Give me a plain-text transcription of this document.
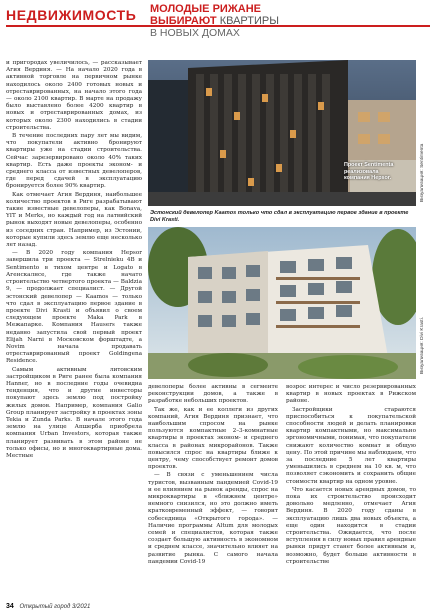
НЕДВИЖИМОСТЬ МОЛОДЫЕ РИЖАНЕ
ВЫБИРАЮТ КВАРТИРЫ
В НОВЫХ ДОМАХ

и пригородах увеличилось, — рассказывает Агия Вердиня. — На начало 2020 года в активной торговле на первичном рынке находилось около 2400 готовых новых и отреставрированных, на начало этого года — около 2100 квартир. В марте на продажу было выставлено более 4200 квартир в новых и отреставрированных домах, из которых около 2300 находились в стадии строительства.

В течение последних пару лет мы видим, что покупатели активно бронируют квартиры уже на стадии строительства. Сейчас зарезервировано около 40% таких квартир. Есть даже проекты эконом- и среднего класса от известных девелоперов, где перед сдачей в эксплуатацию бронируется более 90% квартир.

Как отмечает Агия Вердиня, наибольшее количество проектов в Риге разрабатывают такие известные девелоперы, как Bonava, YIT и Merks, но каждый год на латвийский рынок выходят новые девелоперы, особенно из соседних стран. Например, из Эстонии, которые купили здесь землю еще несколько лет назад.

— В 2020 году компания Hepsor завершила три проекта — Strelnieku 4B и Sentimento в тихом центре и Logato в Агенскалнсе, где также начато строительство четвертого проекта — Baldzia 9, — продолжает специалист. — Другой эстонский девелопер — Kaamos — только что сдал в эксплуатацию первое здание в проекте Divi Krasti и объявил о своем следующем проекте Maka Park в Межапарке. Компания Hausers также недавно запустила свой первый проект Elijah Narni в Московском форштадте, а Novim начала продавать отреставрированный проект Goldingena Residence.

Самым активным литовским застройщиком в Риге ранее была компания Hanner, но в последние годы очевидна тенденция, что и другие инвесторы покупают здесь землю под постройку жилых домов. Например, компания Galio Group планирует застройку в проектах зоны Tekia и Zunda Parks. В начале этого года землю на улице Апшерба приобрела компания Urban Investors, которая также планирует развивать в этом районе не только офисы, но и многоквартирные дома. Местные

Проект Sentimenta реализовала компания Hepsor.	Визуализация: Sentimenta
Эстонский девелопер Kaamos только что сдал в эксплуатацию первое здание в проекте Divi Krasti.
Визуализация: Divi Krasti.

девелоперы более активны в сегменте реконструкции домов, а также в разработке небольших проектов.

Так же, как и ее коллеги из других компаний, Агия Вердиня признает, что наибольшим спросом на рынке пользуются компактные 2–3-комнатные квартиры в проектах эконом- и среднего класса в районах микрорайонов. Также повысился спрос на квартиры ближе к центру, чему способствует ремонт домов проектов.

— В связи с уменьшением числа туристов, вызванным пандемией Covid-19 и ее влиянием на рынок аренды, спрос на микроквартиры в «ближнем центре» немного снизился, но это должно иметь кратковременный эффект, — говорит собеседница «Открытого города». — Наличие программы Altum для молодых семей и специалистов, которая также создает большую активность в экономном и среднем классе, значительно влияет на развитие рынка. С самого начала пандемии Covid-19

возрос интерес и число резервированных квартир в новых проектах в Рижском районе.

Застройщики стараются приспособиться к покупательской способности людей и делать планировки квартир компактными, но максимально эргономичными, понимая, что покупатели снижают количество комнат и общую цену. По этой причине мы наблюдаем, что за последние 5 лет квартиры уменьшились в среднем на 10 кв. м, что позволяет сэкономить и сохранить общие стоимости квартир на одном уровне.

Что касается новых арендных домов, то пока их строительство происходит довольно медленно, отмечает Агия Вердиня. В 2020 году сданы в эксплуатацию лишь два новых объекта, а еще один находится в стадии строительства. Ожидается, что после вступления в силу новых правил арендные рынки придут станет более активным и, возможно, будет больше активности в строительстве

34 Открытый город 3/2021
